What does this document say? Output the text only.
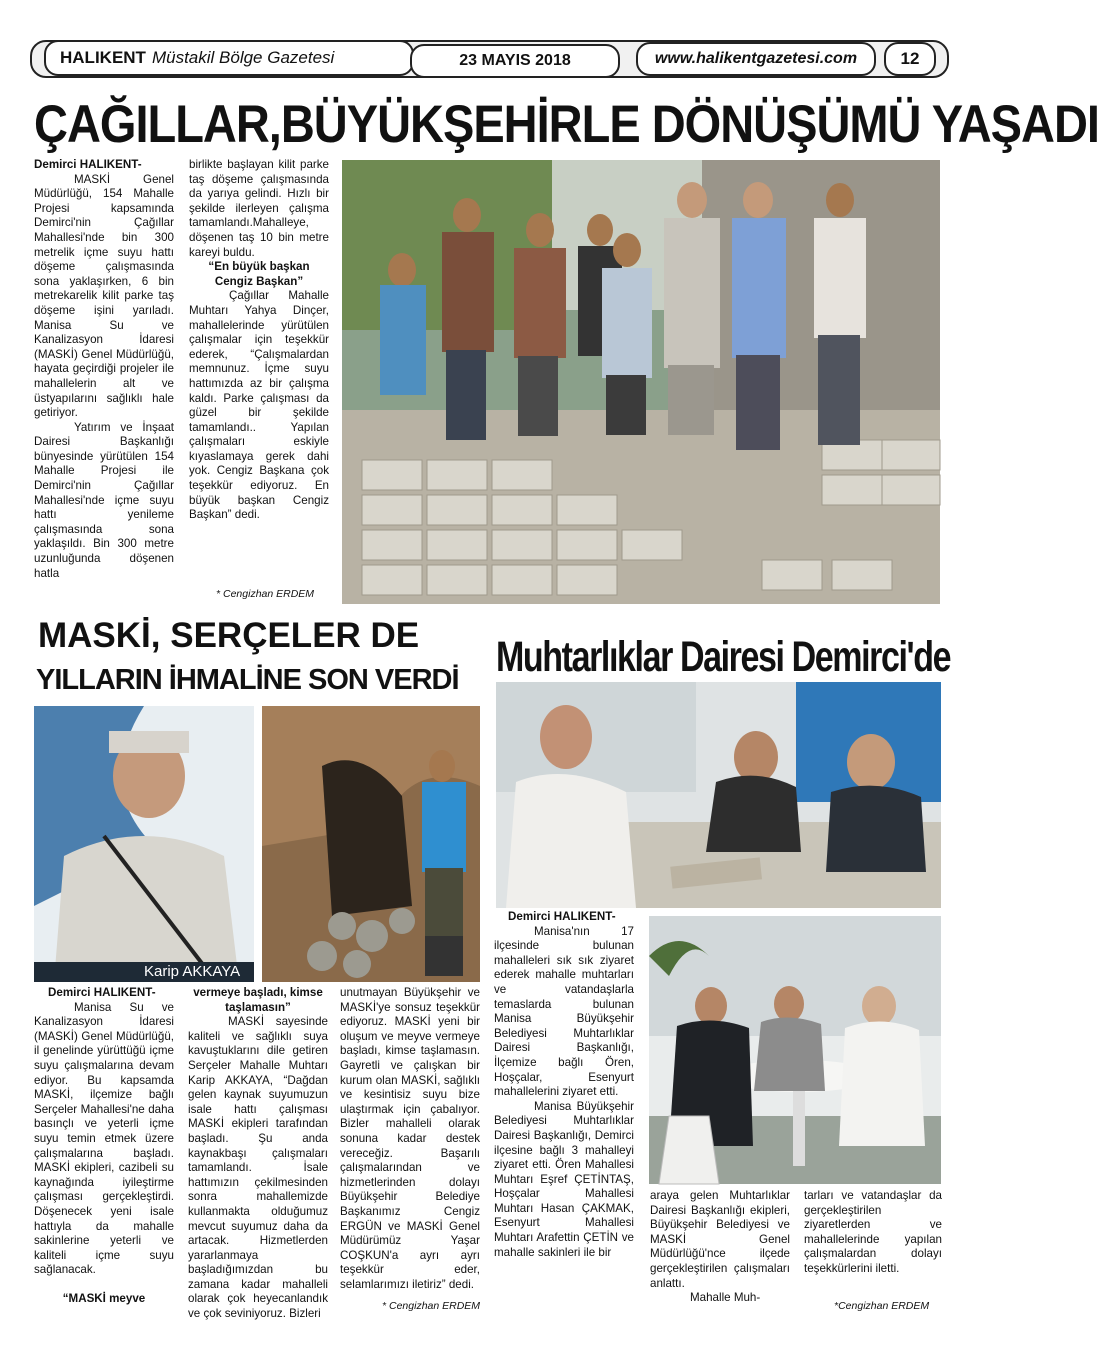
HALIKENT Müstakil Bölge Gazetesi	23 MAYIS 2018	www.halikentgazetesi.com	12
ÇAĞILLAR,BÜYÜKŞEHİRLE DÖNÜŞÜMÜ YAŞADI

Demirci HALIKENT-

MASKİ Genel Müdürlüğü, 154 Mahalle Projesi kapsamında Demirci'nin Çağıllar Mahallesi'nde bin 300 metrelik içme suyu hattı döşeme çalışmasında sona yaklaşırken, 6 bin metrekarelik kilit parke taş döşeme işini yarıladı. Manisa Su ve Kanalizasyon İdaresi (MASKİ) Genel Müdürlüğü, hayata geçirdiği projeler ile mahallelerin alt ve üstyapılarını sağlıklı hale getiriyor.

Yatırım ve İnşaat Dairesi Başkanlığı bünyesinde yürütülen 154 Mahalle Projesi ile Demirci'nin Çağıllar Mahallesi'nde içme suyu hattı yenileme çalışmasında sona yaklaşıldı. Bin 300 metre uzunluğunda döşenen hatla

birlikte başlayan kilit parke taş döşeme çalışmasında da yarıya gelindi. Hızlı bir şekilde ilerleyen çalışma tamamlandı.Mahalleye, döşenen taş 10 bin metre kareyi buldu.

“En büyük başkan Cengiz Başkan”

Çağıllar Mahalle Muhtarı Yahya Dinçer, mahallelerinde yürütülen çalışmalar için teşekkür ederek, “Çalışmalardan memnunuz. İçme suyu hattımızda az bir çalışma kaldı. Parke çalışması da güzel bir şekilde tamamlandı.. Yapılan çalışmaları eskiyle kıyaslamaya gerek dahi yok. Cengiz Başkana çok teşekkür ediyoruz. En büyük başkan Cengiz Başkan” dedi.

* Cengizhan ERDEM
MASKİ, SERÇELER DE
YILLARIN İHMALİNE SON VERDİ
Karip AKKAYA

Demirci HALIKENT-

Manisa Su ve Kanalizasyon İdaresi (MASKİ) Genel Müdürlüğü, il genelinde yürüttüğü içme suyu çalışmalarına devam ediyor. Bu kapsamda MASKİ, ilçemize bağlı Serçeler Mahallesi'ne daha basınçlı ve yeterli içme suyu temin etmek üzere çalışmalarına başladı. MASKİ ekipleri, cazibeli su kaynağında iyileştirme çalışması gerçekleştirdi. Döşenecek yeni isale hattıyla da mahalle sakinlerine yeterli ve kaliteli içme suyu sağlanacak.

“MASKİ meyve

vermeye başladı, kimse taşlamasın”

MASKİ sayesinde kaliteli ve sağlıklı suya kavuştuklarını dile getiren Serçeler Mahalle Muhtarı Karip AKKAYA, “Dağdan gelen kaynak suyumuzun isale hattı çalışması MASKİ ekipleri tarafından başladı. Şu anda kaynakbaşı çalışmaları tamamlandı. İsale hattımızın çekilmesinden sonra mahallemizde kullanmakta olduğumuz mevcut suyumuz daha da artacak. Hizmetlerden yararlanmaya başladığımızdan bu zamana kadar mahalleli olarak çok heyecanlandık ve çok seviniyoruz. Bizleri

unutmayan Büyükşehir ve MASKİ'ye sonsuz teşekkür ediyoruz. MASKİ yeni bir oluşum ve meyve vermeye başladı, kimse taşlamasın. Gayretli ve çalışkan bir kurum olan MASKİ, sağlıklı ve kesintisiz suyu bize ulaştırmak için çabalıyor. Bizler mahalleli olarak sonuna kadar destek vereceğiz. Başarılı çalışmalarından ve hizmetlerinden dolayı Büyükşehir Belediye Başkanımız Cengiz ERGÜN ve MASKİ Genel Müdürümüz Yaşar COŞKUN'a ayrı ayrı teşekkür eder, selamlarımızı iletiriz” dedi.

* Cengizhan ERDEM
Muhtarlıklar Dairesi Demirci'de

Demirci HALIKENT-

Manisa'nın 17 ilçesinde bulunan mahalleleri sık sık ziyaret ederek mahalle muhtarları ve vatandaşlarla temaslarda bulunan Manisa Büyükşehir Belediyesi Muhtarlıklar Dairesi Başkanlığı, İlçemize bağlı Ören, Hoşçalar, Esenyurt mahallelerini ziyaret etti.

Manisa Büyükşehir Belediyesi Muhtarlıklar Dairesi Başkanlığı, Demirci ilçesine bağlı 3 mahalleyi ziyaret etti. Ören Mahallesi Muhtarı Eşref ÇETİNTAŞ, Hoşçalar Mahallesi Muhtarı Hasan ÇAKMAK, Esenyurt Mahallesi Muhtarı Arafettin ÇETİN ve mahalle sakinleri ile bir

araya gelen Muhtarlıklar Dairesi Başkanlığı ekipleri, Büyükşehir Belediyesi ve MASKİ Genel Müdürlüğü'nce ilçede gerçekleştirilen çalışmaları anlattı.

Mahalle Muh-

tarları ve vatandaşlar da gerçekleştirilen ziyaretlerden ve mahallelerinde yapılan çalışmalardan dolayı teşekkürlerini iletti.

*Cengizhan ERDEM
